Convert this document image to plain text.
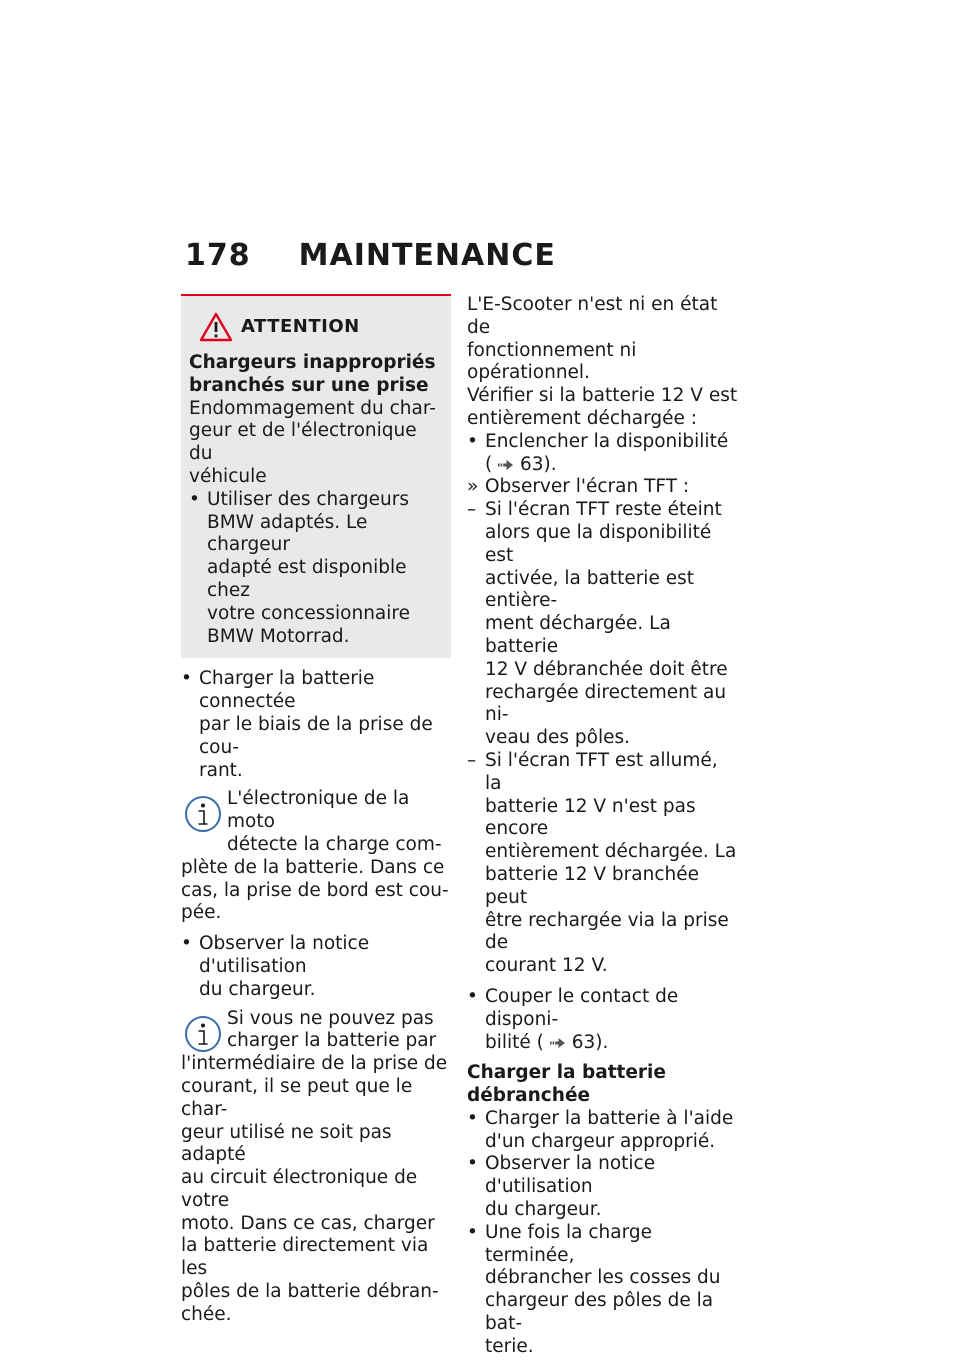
178 MAINTENANCE
ATTENTION
Chargeurs inappropriés
branchés sur une prise
Endommagement du char-
geur et de l'électronique du
véhicule
• Utiliser des chargeurs
BMW adaptés. Le chargeur
adapté est disponible chez
votre concessionnaire
BMW Motorrad.
• Charger la batterie connectée
par le biais de la prise de cou-
rant.
L'électronique de la moto
détecte la charge com-
plète de la batterie. Dans ce
cas, la prise de bord est cou-
pée.
• Observer la notice d'utilisation
du chargeur.
Si vous ne pouvez pas
charger la batterie par
l'intermédiaire de la prise de
courant, il se peut que le char-
geur utilisé ne soit pas adapté
au circuit électronique de votre
moto. Dans ce cas, charger
la batterie directement via les
pôles de la batterie débran-
chée.
L'E-Scooter n'est ni en état de
fonctionnement ni opérationnel.
Vérifier si la batterie 12 V est
entièrement déchargée :
• Enclencher la disponibilité
( 63).
» Observer l'écran TFT :
– Si l'écran TFT reste éteint
alors que la disponibilité est
activée, la batterie est entière-
ment déchargée. La batterie
12 V débranchée doit être
rechargée directement au ni-
veau des pôles.
– Si l'écran TFT est allumé, la
batterie 12 V n'est pas encore
entièrement déchargée. La
batterie 12 V branchée peut
être rechargée via la prise de
courant 12 V.
• Couper le contact de disponi-
bilité ( 63).
Charger la batterie
débranchée
• Charger la batterie à l'aide
d'un chargeur approprié.
• Observer la notice d'utilisation
du chargeur.
• Une fois la charge terminée,
débrancher les cosses du
chargeur des pôles de la bat-
terie.
